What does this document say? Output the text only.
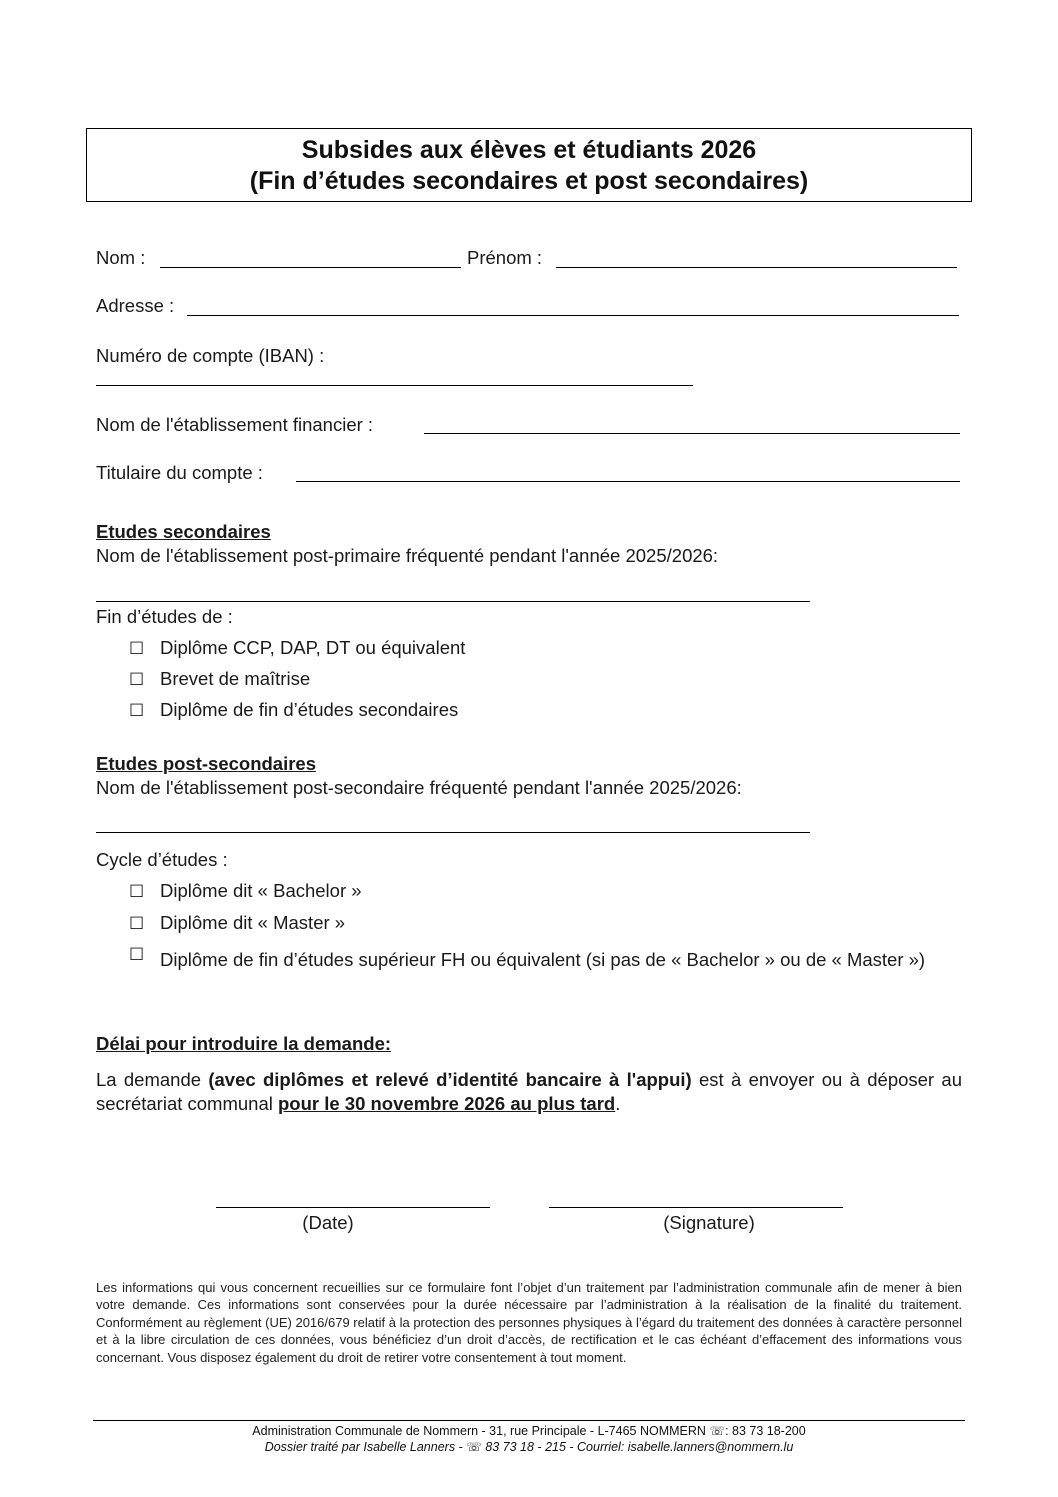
Subsides aux élèves et étudiants 2026
(Fin d’études secondaires et post secondaires)
Nom :	Prénom :
Adresse :
Numéro de compte (IBAN) :
Nom de l'établissement financier :
Titulaire du compte :
Etudes secondaires
Nom de l'établissement post-primaire fréquenté pendant l'année 2025/2026:
Fin d’études de :
☐ Diplôme CCP, DAP, DT ou équivalent
☐ Brevet de maîtrise
☐ Diplôme de fin d’études secondaires
Etudes post-secondaires
Nom de l'établissement post-secondaire fréquenté pendant l'année 2025/2026:
Cycle d’études :
☐ Diplôme dit « Bachelor »
☐ Diplôme dit « Master »
☐ Diplôme de fin d’études supérieur FH ou équivalent (si pas de « Bachelor » ou de « Master »)
Délai pour introduire la demande:
La demande (avec diplômes et relevé d’identité bancaire à l'appui) est à envoyer ou à déposer au secrétariat communal pour le 30 novembre 2026 au plus tard.
(Date)	(Signature)
Les informations qui vous concernent recueillies sur ce formulaire font l’objet d’un traitement par l’administration communale afin de mener à bien votre demande. Ces informations sont conservées pour la durée nécessaire par l’administration à la réalisation de la finalité du traitement. Conformément au règlement (UE) 2016/679 relatif à la protection des personnes physiques à l’égard du traitement des données à caractère personnel et à la libre circulation de ces données, vous bénéficiez d’un droit d’accès, de rectification et le cas échéant d’effacement des informations vous concernant. Vous disposez également du droit de retirer votre consentement à tout moment.
Administration Communale de Nommern - 31, rue Principale - L-7465 NOMMERN ☏: 83 73 18-200
Dossier traité par Isabelle Lanners - ☏ 83 73 18 - 215 - Courriel: isabelle.lanners@nommern.lu
